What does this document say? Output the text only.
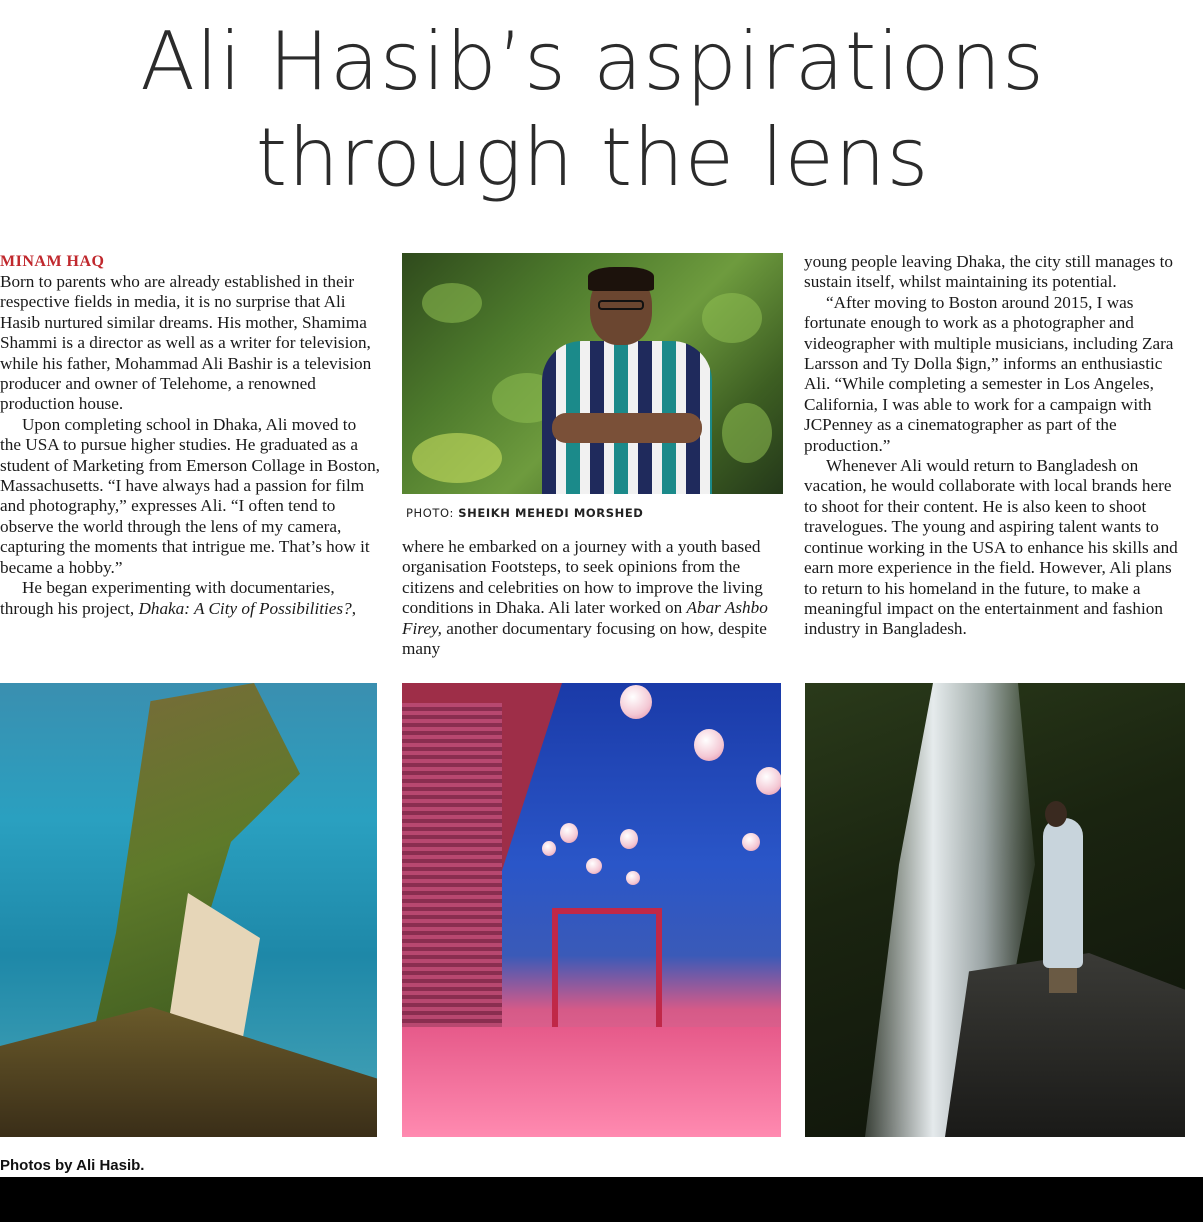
Ali Hasib’s aspirations
through the lens
MINAM HAQ

Born to parents who are already established in their respective fields in media, it is no surprise that Ali Hasib nurtured similar dreams. His mother, Shamima Shammi is a director as well as a writer for television, while his father, Mohammad Ali Bashir is a television producer and owner of Telehome, a renowned production house.

Upon completing school in Dhaka, Ali moved to the USA to pursue higher studies. He graduated as a student of Marketing from Emerson Collage in Boston, Massachusetts. “I have always had a passion for film and photography,” expresses Ali. “I often tend to observe the world through the lens of my camera, capturing the moments that intrigue me. That’s how it became a hobby.”

He began experimenting with documentaries, through his project, Dhaka: A City of Possibilities?,

PHOTO: SHEIKH MEHEDI MORSHED

where he embarked on a journey with a youth based organisation Footsteps, to seek opinions from the citizens and celebrities on how to improve the living conditions in Dhaka. Ali later worked on Abar Ashbo Firey, another documentary focusing on how, despite many

young people leaving Dhaka, the city still manages to sustain itself, whilst maintaining its potential.

“After moving to Boston around 2015, I was fortunate enough to work as a photographer and videographer with multiple musicians, including Zara Larsson and Ty Dolla $ign,” informs an enthusiastic Ali. “While completing a semester in Los Angeles, California, I was able to work for a campaign with JCPenney as a cinematographer as part of the production.”

Whenever Ali would return to Bangladesh on vacation, he would collaborate with local brands here to shoot for their content. He is also keen to shoot travelogues. The young and aspiring talent wants to continue working in the USA to enhance his skills and earn more experience in the field. However, Ali plans to return to his homeland in the future, to make a meaningful impact on the entertainment and fashion industry in Bangladesh.

Photos by Ali Hasib.
